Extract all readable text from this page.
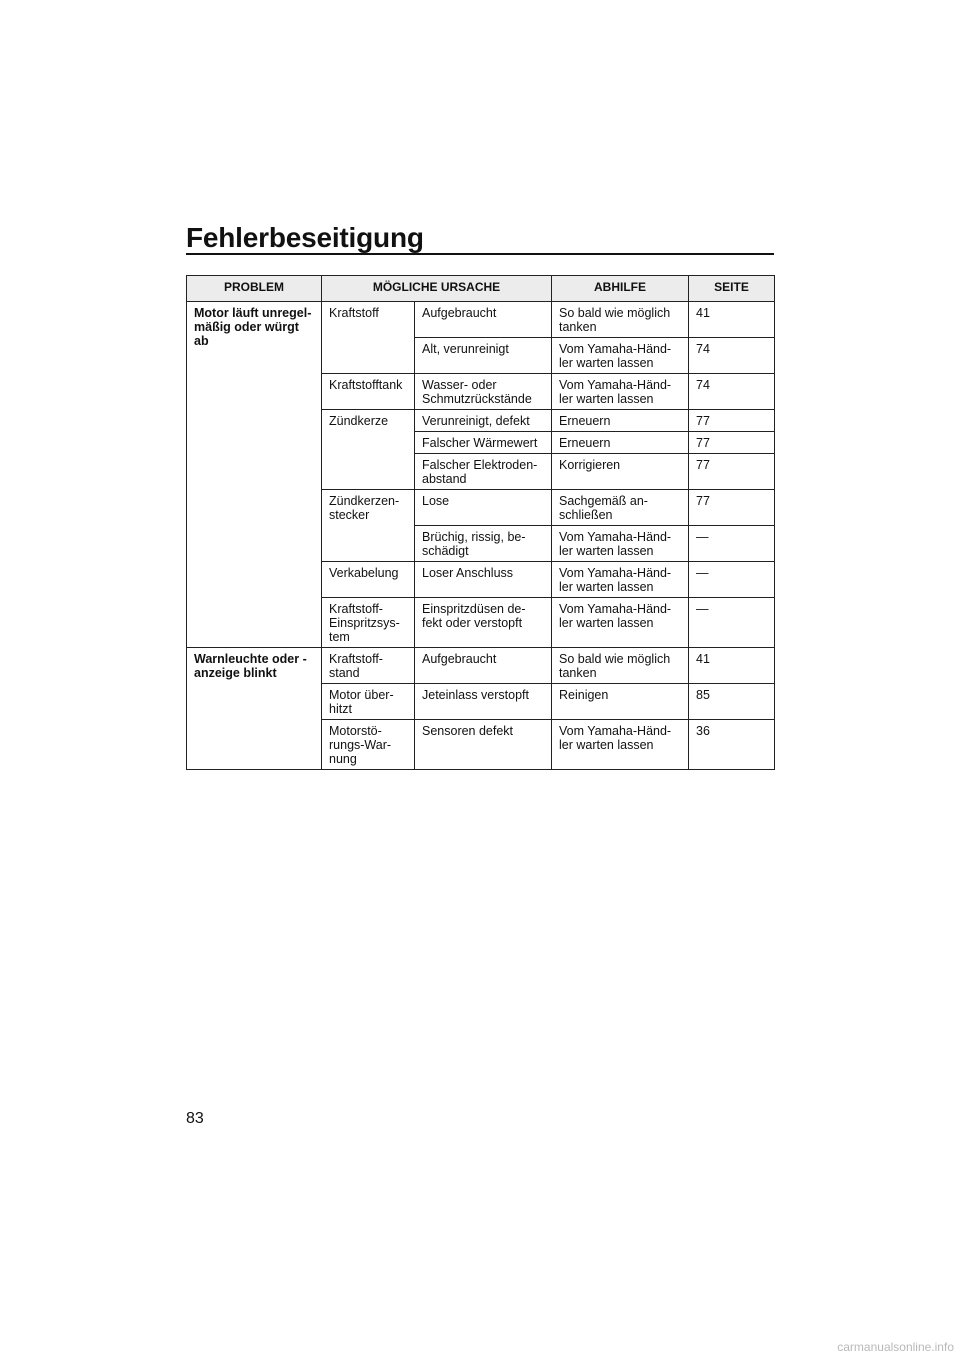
Fehlerbeseitigung
PROBLEM	MÖGLICHE URSACHE		ABHILFE	SEITE
Motor läuft unregel- mäßig oder würgt ab	Kraftstoff	Aufgebraucht	So bald wie möglich tanken	41
		Alt, verunreinigt	Vom Yamaha-Händ- ler warten lassen	74
	Kraftstofftank	Wasser- oder Schmutzrückstände	Vom Yamaha-Händ- ler warten lassen	74
	Zündkerze	Verunreinigt, defekt	Erneuern	77
		Falscher Wärmewert	Erneuern	77
		Falscher Elektroden- abstand	Korrigieren	77
	Zündkerzen- stecker	Lose	Sachgemäß an- schließen	77
		Brüchig, rissig, be- schädigt	Vom Yamaha-Händ- ler warten lassen	—
	Verkabelung	Loser Anschluss	Vom Yamaha-Händ- ler warten lassen	—
	Kraftstoff- Einspritzsys- tem	Einspritzdüsen de- fekt oder verstopft	Vom Yamaha-Händ- ler warten lassen	—
Warnleuchte oder -anzeige blinkt	Kraftstoff- stand	Aufgebraucht	So bald wie möglich tanken	41
	Motor über- hitzt	Jeteinlass verstopft	Reinigen	85
	Motorstö- rungs-War- nung	Sensoren defekt	Vom Yamaha-Händ- ler warten lassen	36
83
carmanualsonline.info
